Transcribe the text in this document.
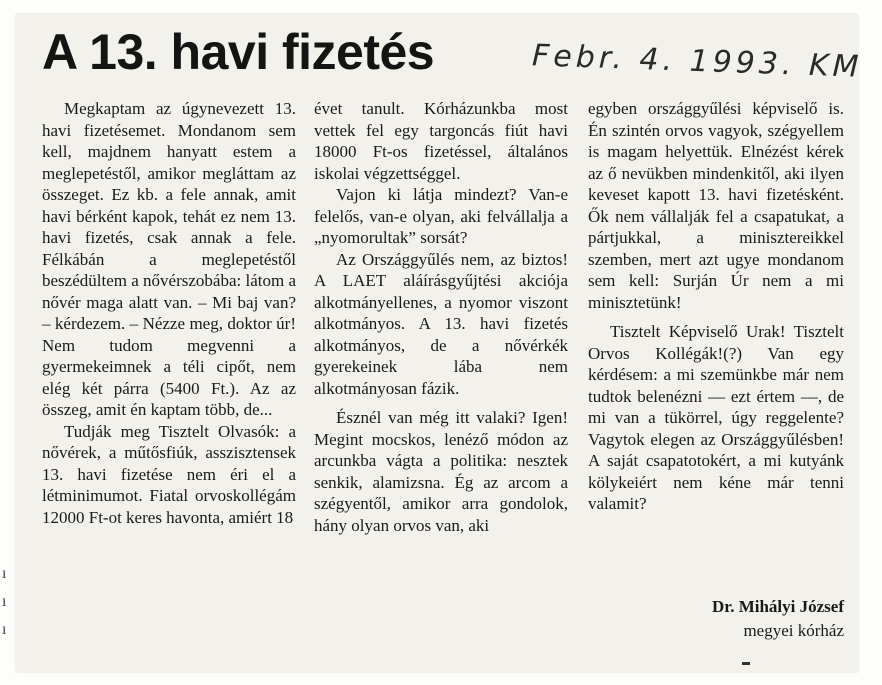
ı
ı
ı
A 13. havi fizetés	Febr. 4. 1993. KM

Megkaptam az úgynevezett 13. havi fizetésemet. Mondanom sem kell, majdnem hanyatt estem a meglepetéstől, amikor megláttam az összeget. Ez kb. a fele annak, amit havi bérként kapok, tehát ez nem 13. havi fizetés, csak annak a fele. Félkábán a meglepetéstől beszédültem a nővérszobába: látom a nővér maga alatt van. – Mi baj van? – kérdezem. – Nézze meg, doktor úr! Nem tudom megvenni a gyermekeimnek a téli cipőt, nem elég két párra (5400 Ft.). Az az összeg, amit én kaptam több, de...

Tudják meg Tisztelt Olvasók: a nővérek, a műtősfiúk, asszisztensek 13. havi fizetése nem éri el a létminimumot. Fiatal orvoskollégám 12000 Ft-ot keres havonta, amiért 18

évet tanult. Kórházunkba most vettek fel egy targoncás fiút havi 18000 Ft-os fizetéssel, általános iskolai végzettséggel.

Vajon ki látja mindezt? Van-e felelős, van-e olyan, aki felvállalja a „nyomorultak” sorsát?

Az Országgyűlés nem, az biztos! A LAET aláírásgyűjtési akciója alkotmányellenes, a nyomor viszont alkotmányos. A 13. havi fizetés alkotmányos, de a nővérkék gyerekeinek lába nem alkotmányosan fázik.

Észnél van még itt valaki? Igen! Megint mocskos, lenéző módon az arcunkba vágta a politika: nesztek senkik, alamizsna. Ég az arcom a szégyentől, amikor arra gondolok, hány olyan orvos van, aki

egyben országgyűlési képviselő is. Én szintén orvos vagyok, szégyellem is magam helyettük. Elnézést kérek az ő nevükben mindenkitől, aki ilyen keveset kapott 13. havi fizetésként. Ők nem vállalják fel a csapatukat, a pártjukkal, a minisztereikkel szemben, mert azt ugye mondanom sem kell: Surján Úr nem a mi minisztetünk!

Tisztelt Képviselő Urak! Tisztelt Orvos Kollégák!(?) Van egy kérdésem: a mi szemünkbe már nem tudtok belenézni — ezt értem —, de mi van a tükörrel, úgy reggelente? Vagytok elegen az Országgyűlésben! A saját csapatotokért, a mi kutyánk kölykeiért nem kéne már tenni valamit?

Dr. Mihályi József
megyei kórház
